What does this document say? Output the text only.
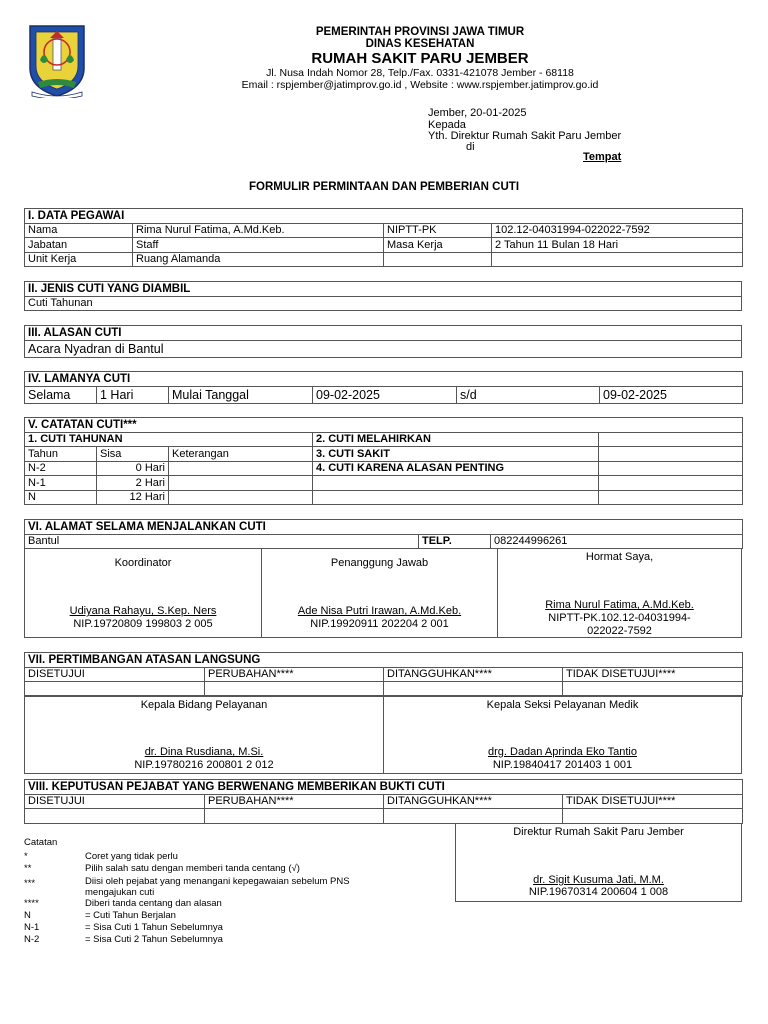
PEMERINTAH PROVINSI JAWA TIMUR
DINAS KESEHATAN
RUMAH SAKIT PARU JEMBER
Jl. Nusa Indah Nomor 28, Telp./Fax. 0331-421078 Jember - 68118
Email : rspjember@jatimprov.go.id , Website : www.rspjember.jatimprov.go.id
Jember, 20-01-2025
Kepada
Yth. Direktur Rumah Sakit Paru Jember
di
Tempat
FORMULIR PERMINTAAN DAN PEMBERIAN CUTI
I. DATA PEGAWAI			
Nama	Rima Nurul Fatima, A.Md.Keb.	NIPTT-PK	102.12-04031994-022022-7592
Jabatan	Staff	Masa Kerja	2 Tahun 11 Bulan 18 Hari
Unit Kerja	Ruang Alamanda		
II. JENIS CUTI YANG DIAMBIL
Cuti Tahunan
III. ALASAN CUTI
Acara Nyadran di Bantul
IV. LAMANYA CUTI
Selama	1 Hari	Mulai Tanggal	09-02-2025	s/d	09-02-2025
V. CATATAN CUTI***				
1. CUTI TAHUNAN			2. CUTI MELAHIRKAN	
Tahun	Sisa	Keterangan	3. CUTI SAKIT	
N-2	0 Hari		4. CUTI KARENA ALASAN PENTING	
N-1	2 Hari			
N	12 Hari			
VI. ALAMAT SELAMA MENJALANKAN CUTI
Bantul	TELP.	082244996261
Koordinator
Udiyana Rahayu, S.Kep. Ners
NIP.19720809 199803 2 005
Penanggung Jawab
Ade Nisa Putri Irawan, A.Md.Keb.
NIP.19920911 202204 2 001
Hormat Saya,
Rima Nurul Fatima, A.Md.Keb.
NIPTT-PK.102.12-04031994-022022-7592
VII. PERTIMBANGAN ATASAN LANGSUNG			
DISETUJUI	PERUBAHAN****	DITANGGUHKAN****	TIDAK DISETUJUI****

Kepala Bidang Pelayanan
dr. Dina Rusdiana, M.Si.
NIP.19780216 200801 2 012
Kepala Seksi Pelayanan Medik
drg. Dadan Aprinda Eko Tantio
NIP.19840417 201403 1 001
VIII. KEPUTUSAN PEJABAT YANG BERWENANG MEMBERIKAN BUKTI CUTI			
DISETUJUI	PERUBAHAN****	DITANGGUHKAN****	TIDAK DISETUJUI****

Direktur Rumah Sakit Paru Jember
dr. Sigit Kusuma Jati, M.M.
NIP.19670314 200604 1 008
Catatan
*	Coret yang tidak perlu
**	Pilih salah satu dengan memberi tanda centang (√)
***	Diisi oleh pejabat yang menangani kepegawaian sebelum PNS
mengajukan cuti
****	Diberi tanda centang dan alasan
N	= Cuti Tahun Berjalan
N-1	= Sisa Cuti 1 Tahun Sebelumnya
N-2	= Sisa Cuti 2 Tahun Sebelumnya
